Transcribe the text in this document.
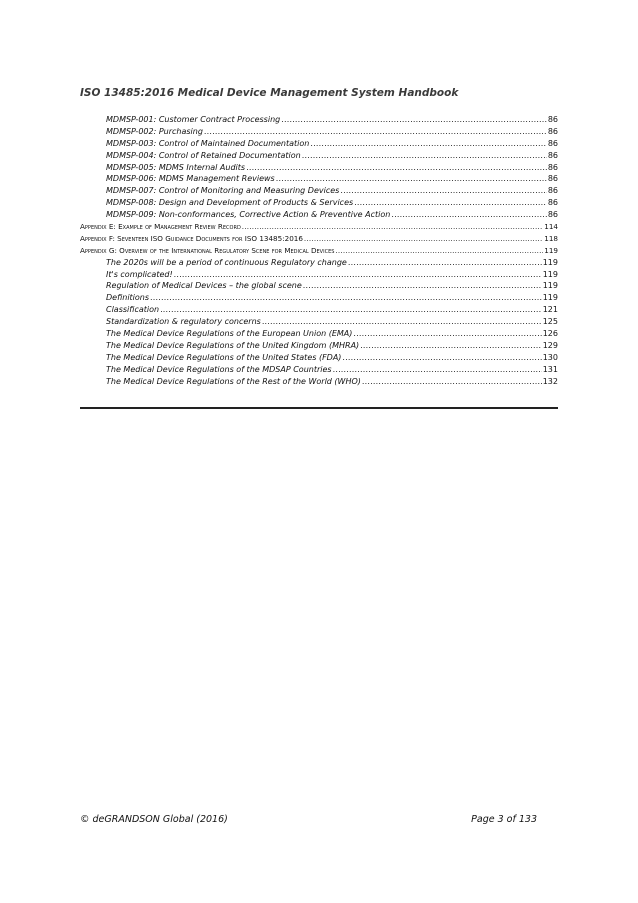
ISO 13485:2016 Medical Device Management System Handbook
MDMSP-001: Customer Contract Processing .....	86
MDMSP-002: Purchasing .....	86
MDMSP-003: Control of Maintained Documentation .....	86
MDMSP-004: Control of Retained Documentation .....	86
MDMSP-005: MDMS Internal Audits .....	86
MDMSP-006: MDMS Management Reviews .....	86
MDMSP-007: Control of Monitoring and Measuring Devices .....	86
MDMSP-008: Design and Development of Products & Services .....	86
MDMSP-009: Non-conformances, Corrective Action & Preventive Action .....	86
Appendix E: Example of Management Review Record .....	114
Appendix F: Seventeen ISO Guidance Documents for ISO 13485:2016 .....	118
Appendix G: Overview of the International Regulatory Scene for Medical Devices .....	119
The 2020s will be a period of continuous Regulatory change .....	119
It's complicated! .....	119
Regulation of Medical Devices – the global scene .....	119
Definitions .....	119
Classification .....	121
Standardization & regulatory concerns .....	125
The Medical Device Regulations of the European Union (EMA) .....	126
The Medical Device Regulations of the United Kingdom (MHRA) .....	129
The Medical Device Regulations of the United States (FDA) .....	130
The Medical Device Regulations of the MDSAP Countries .....	131
The Medical Device Regulations of the Rest of the World (WHO) .....	132
© deGRANDSON Global (2016)	Page 3 of 133
